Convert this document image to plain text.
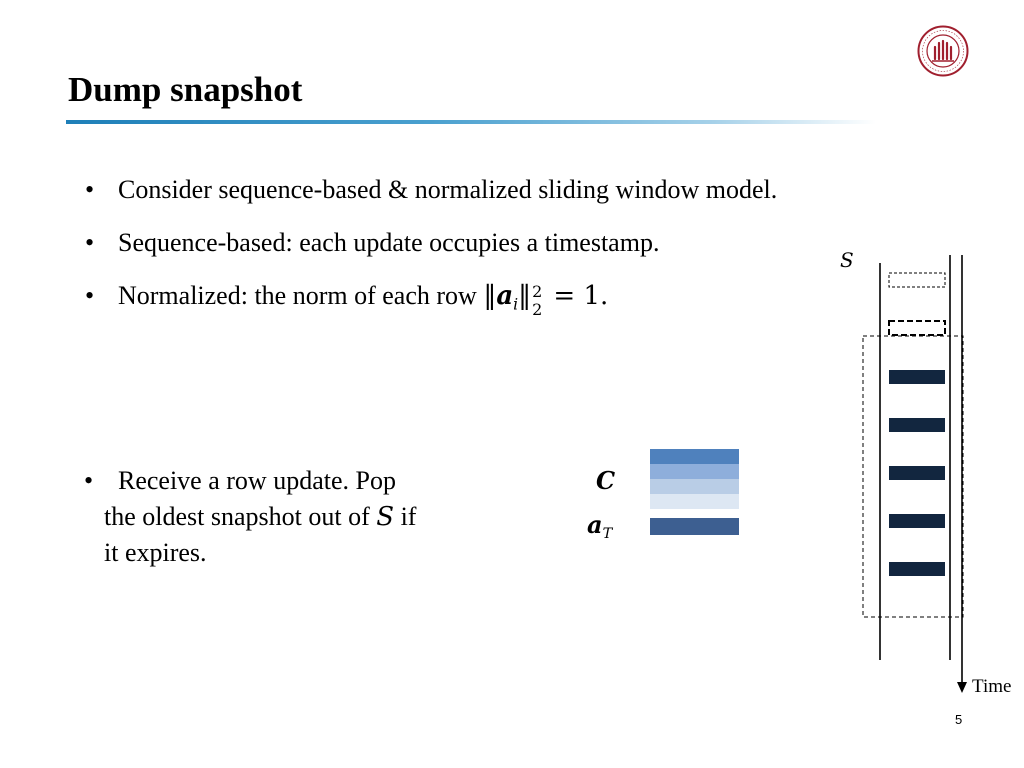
Dump snapshot
• Consider sequence-based & normalized sliding window model.
• Sequence-based: each update occupies a timestamp.
• Normalized: the norm of each row $‖a_i‖$ 2
2 = 1.
• Receive a row update. Pop
the oldest snapshot out of S if
it expires.
C
$a_T$
S
Time
5
